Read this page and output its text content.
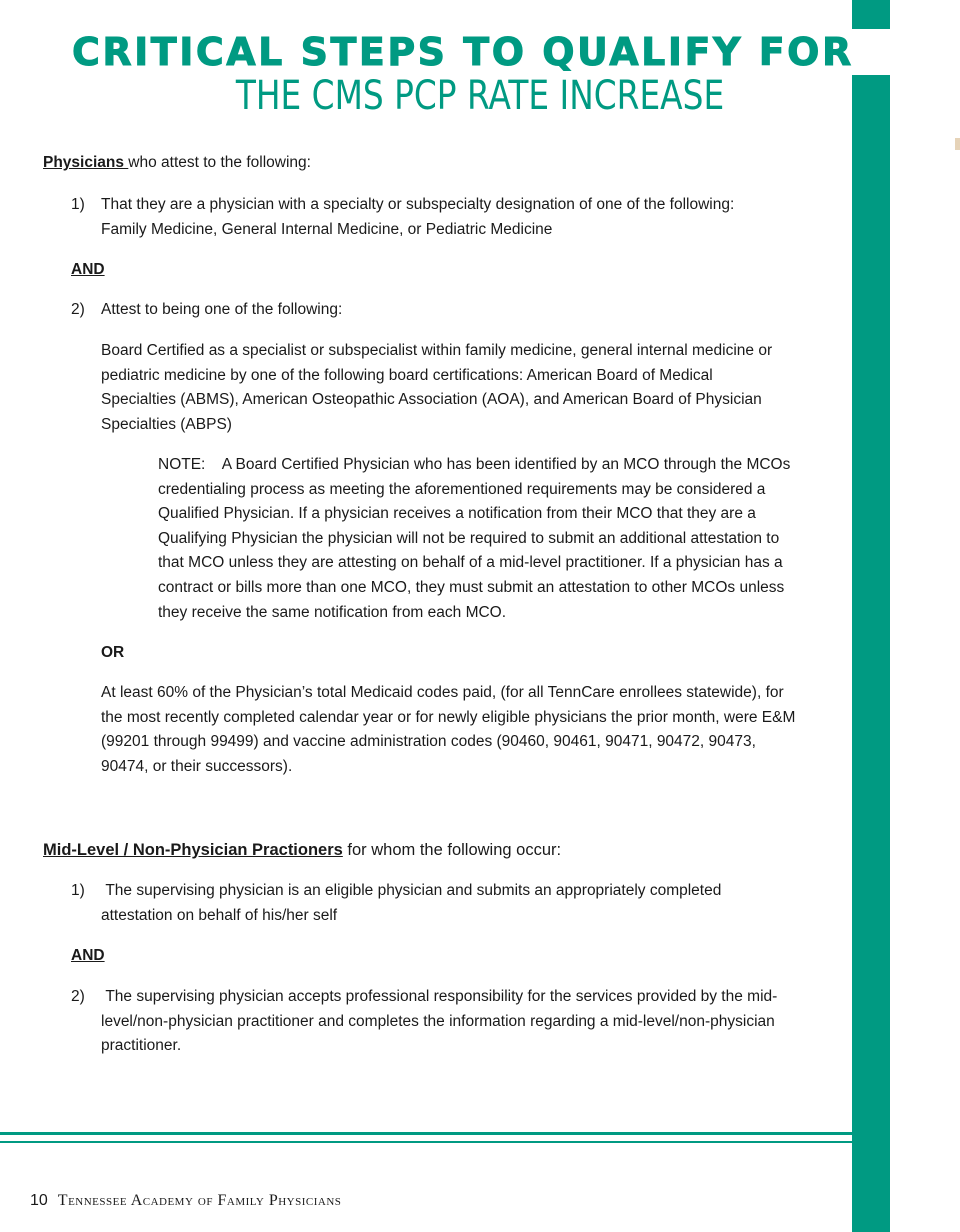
CRITICAL STEPS TO QUALIFY FOR
THE CMS PCP RATE INCREASE
Physicians who attest to the following:
1) That they are a physician with a specialty or subspecialty designation of one of the following: Family Medicine, General Internal Medicine, or Pediatric Medicine
AND
2) Attest to being one of the following:
Board Certified as a specialist or subspecialist within family medicine, general internal medicine or pediatric medicine by one of the following board certifications: American Board of Medical Specialties (ABMS), American Osteopathic Association (AOA), and American Board of Physician Specialties (ABPS)
NOTE:    A Board Certified Physician who has been identified by an MCO through the MCOs credentialing process as meeting the aforementioned requirements may be considered a Qualified Physician. If a physician receives a notification from their MCO that they are a Qualifying Physician the physician will not be required to submit an additional attestation to that MCO unless they are attesting on behalf of a mid-level practitioner. If a physician has a contract or bills more than one MCO, they must submit an attestation to other MCOs unless they receive the same notification from each MCO.
OR
At least 60% of the Physician’s total Medicaid codes paid, (for all TennCare enrollees statewide), for the most recently completed calendar year or for newly eligible physicians the prior month, were E&M (99201 through 99499) and vaccine administration codes (90460, 90461, 90471, 90472, 90473, 90474, or their successors).
Mid-Level / Non-Physician Practioners for whom the following occur:
1) The supervising physician is an eligible physician and submits an appropriately completed attestation on behalf of his/her self
AND
2) The supervising physician accepts professional responsibility for the services provided by the mid-level/non-physician practitioner and completes the information regarding a mid-level/non-physician practitioner.
10 Tennessee Academy of Family Physicians
